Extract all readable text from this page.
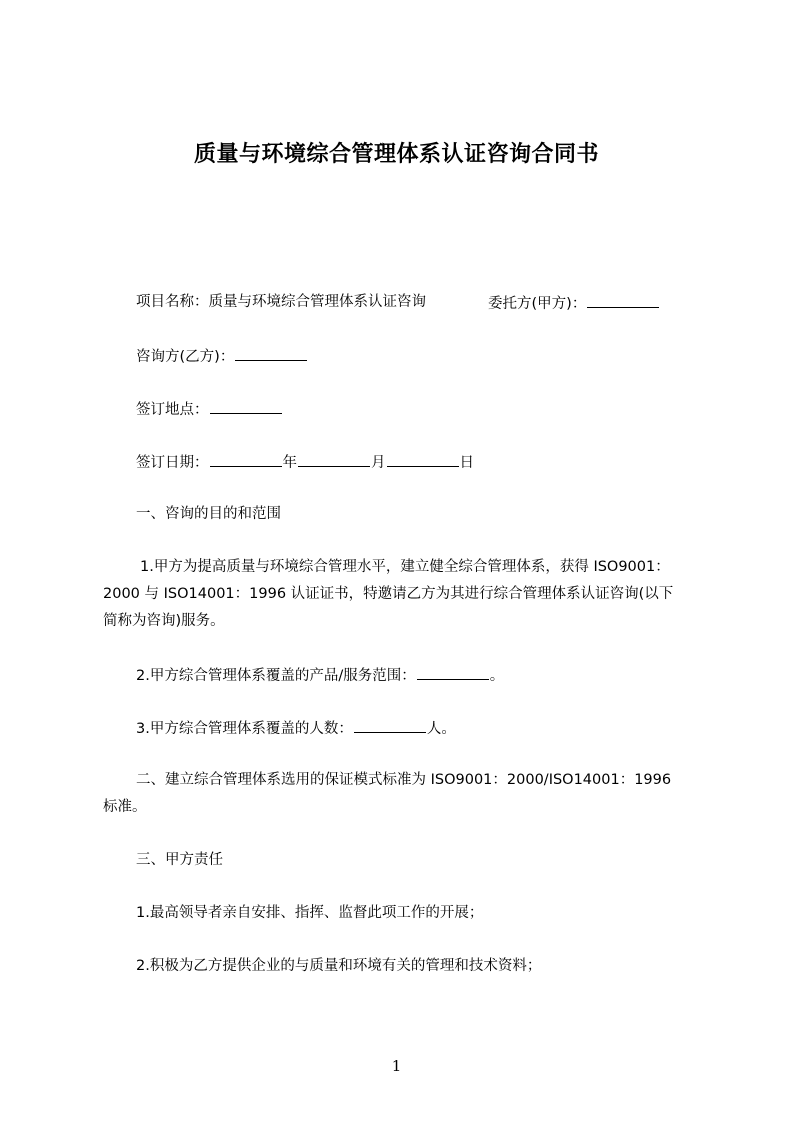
质量与环境综合管理体系认证咨询合同书
项目名称：质量与环境综合管理体系认证咨询	委托方(甲方)：
咨询方(乙方)：
签订地点：
签订日期：	年	月	日
一、咨询的目的和范围
1.甲方为提高质量与环境综合管理水平，建立健全综合管理体系，获得 ISO9001：
2000 与 ISO14001：1996 认证证书，特邀请乙方为其进行综合管理体系认证咨询(以下
简称为咨询)服务。
2.甲方综合管理体系覆盖的产品/服务范围：	。
3.甲方综合管理体系覆盖的人数：	人。
二、建立综合管理体系选用的保证模式标准为 ISO9001：2000/ISO14001：1996
标准。
三、甲方责任
1.最高领导者亲自安排、指挥、监督此项工作的开展；
2.积极为乙方提供企业的与质量和环境有关的管理和技术资料；
1
